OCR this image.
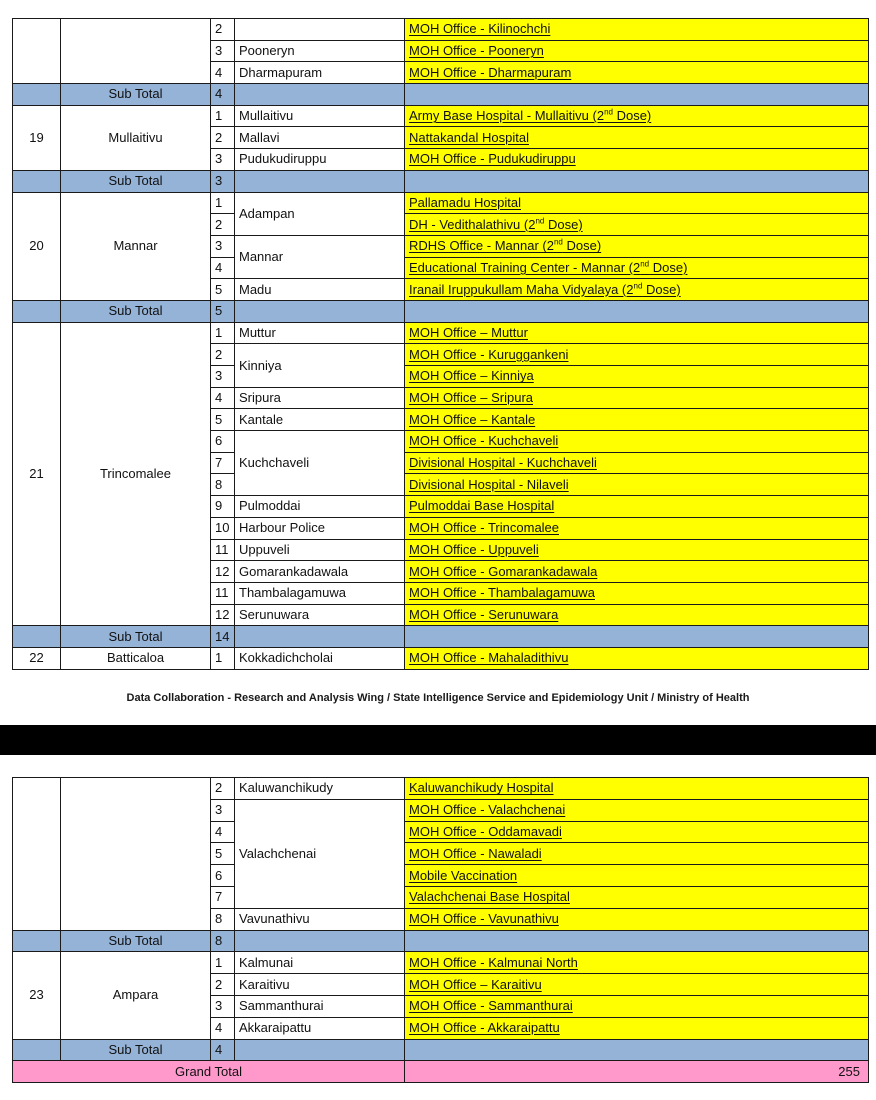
		2		MOH Office - Kilinochchi
		3	Pooneryn	MOH Office - Pooneryn
		4	Dharmapuram	MOH Office - Dharmapuram
	Sub Total	4		
19	Mullaitivu	1	Mullaitivu	Army Base Hospital - Mullaitivu (2nd Dose)
		2	Mallavi	Nattakandal Hospital
		3	Pudukudiruppu	MOH Office - Pudukudiruppu
	Sub Total	3		
20	Mannar	1	Adampan	Pallamadu Hospital
		2		DH - Vedithalathivu (2nd Dose)
		3	Mannar	RDHS Office - Mannar (2nd Dose)
		4		Educational Training Center - Mannar (2nd Dose)
		5	Madu	Iranail Iruppukullam Maha Vidyalaya (2nd Dose)
	Sub Total	5		
21	Trincomalee	1	Muttur	MOH Office – Muttur
		2	Kinniya	MOH Office - Kuruggankeni
		3		MOH Office – Kinniya
		4	Sripura	MOH Office – Sripura
		5	Kantale	MOH Office – Kantale
		6	Kuchchaveli	MOH Office - Kuchchaveli
		7		Divisional Hospital - Kuchchaveli
		8		Divisional Hospital - Nilaveli
		9	Pulmoddai	Pulmoddai Base Hospital
		10	Harbour Police	MOH Office - Trincomalee
		11	Uppuveli	MOH Office - Uppuveli
		12	Gomarankadawala	MOH Office - Gomarankadawala
		11	Thambalagamuwa	MOH Office - Thambalagamuwa
		12	Serunuwara	MOH Office - Serunuwara
	Sub Total	14		
22	Batticaloa	1	Kokkadichcholai	MOH Office - Mahaladithivu
Data Collaboration - Research and Analysis Wing / State Intelligence Service and Epidemiology Unit / Ministry of Health
		2	Kaluwanchikudy	Kaluwanchikudy Hospital
		3	Valachchenai	MOH Office - Valachchenai
		4		MOH Office - Oddamavadi
		5		MOH Office - Nawaladi
		6		Mobile Vaccination
		7		Valachchenai Base Hospital
		8	Vavunathivu	MOH Office - Vavunathivu
	Sub Total	8		
23	Ampara	1	Kalmunai	MOH Office - Kalmunai North
		2	Karaitivu	MOH Office – Karaitivu
		3	Sammanthurai	MOH Office - Sammanthurai
		4	Akkaraipattu	MOH Office - Akkaraipattu
	Sub Total	4		
Grand Total				255
